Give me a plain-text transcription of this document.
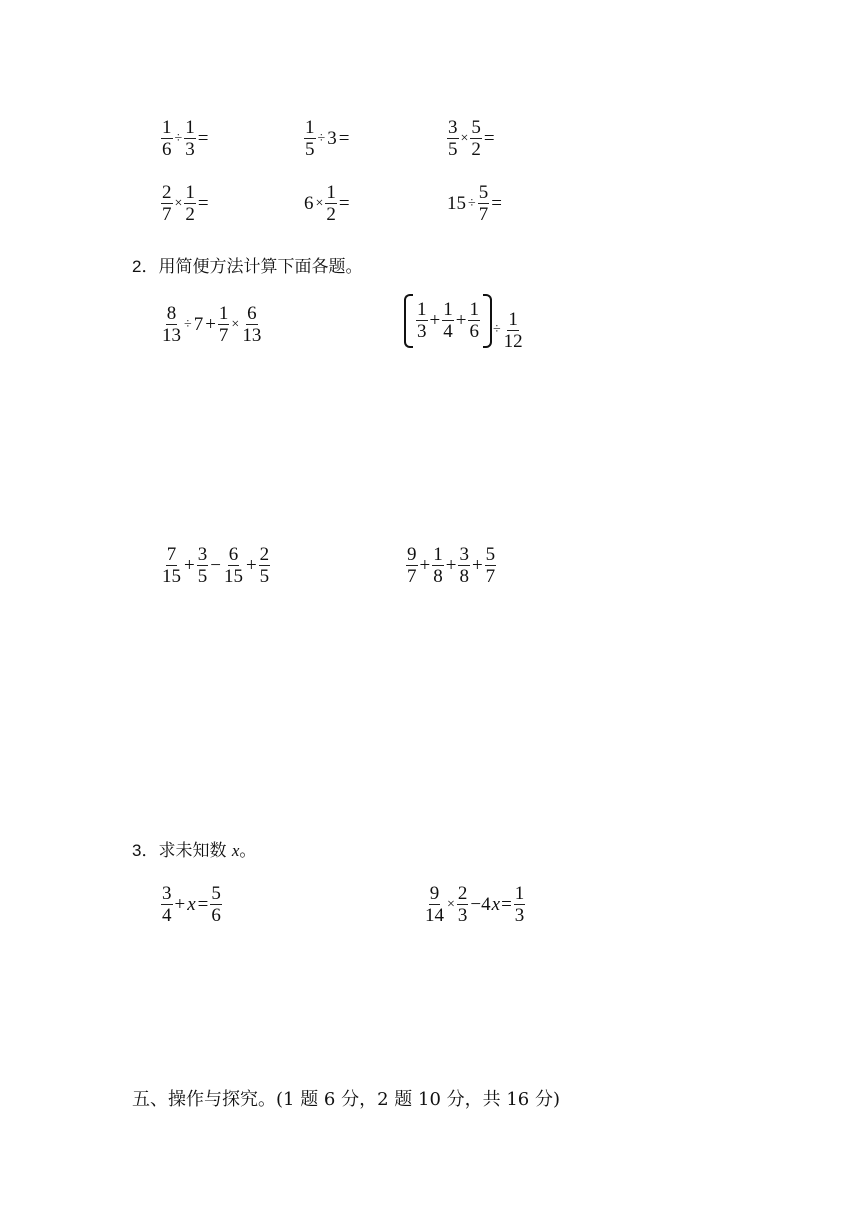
$\frac{1}{6} \div \frac{1}{3}$ =	$\frac{1}{5} \div 3$ =	$\frac{3}{5} \times \frac{5}{2}$ =
$\frac{2}{7} \times \frac{1}{2}$ =	$6 \times \frac{1}{2}$ =	$15 \div \frac{5}{7}$ =
2．用简便方法计算下面各题。
$\frac{8}{13} \div 7 + \frac{1}{7} \times \frac{6}{13}$	$\frac{1}{3} + \frac{1}{4} + \frac{1}{6} \div \frac{1}{12}$
$\frac{7}{15} + \frac{3}{5} - \frac{6}{15} + \frac{2}{5}$	$\frac{9}{7} + \frac{1}{8} + \frac{3}{8} + \frac{5}{7}$
3．求未知数 x。
$\frac{3}{4} + x = \frac{5}{6}$	$\frac{9}{14} \times \frac{2}{3} -4$ $x = \frac{1}{3}$
五、操作与探究。(1 题 6 分，2 题 10 分，共 16 分)
